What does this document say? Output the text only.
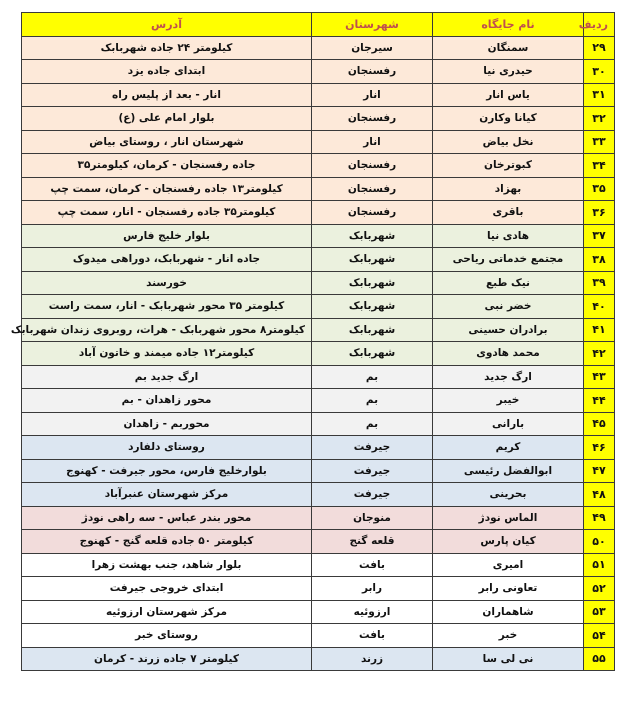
ردیف	نام جایگاه	شهرستان	آدرس
۲۹	سمنگان	سیرجان	کیلومتر ۲۴ جاده شهربابک
۳۰	حیدری نیا	رفسنجان	ابتدای جاده یزد
۳۱	یاس انار	انار	انار - بعد از پلیس راه
۳۲	کیانا وکارن	رفسنجان	بلوار امام علی (ع)
۳۳	نخل بیاض	انار	شهرستان انار ، روستای بیاض
۳۴	کبوترخان	رفسنجان	جاده رفسنجان - کرمان، کیلومتر۳۵
۳۵	بهزاد	رفسنجان	کیلومتر۱۳ جاده رفسنجان - کرمان، سمت چپ
۳۶	باقری	رفسنجان	کیلومتر۳۵ جاده رفسنجان - انار، سمت چپ
۳۷	هادی نیا	شهربابک	بلوار خلیج فارس
۳۸	مجتمع خدماتی ریاحی	شهربابک	جاده انار - شهربابک، دوراهی میدوک
۳۹	نیک طبع	شهربابک	خورسند
۴۰	خضر نبی	شهربابک	کیلومتر ۳۵ محور شهربابک - انار، سمت راست
۴۱	برادران حسینی	شهربابک	کیلومتر۸ محور شهربابک - هرات، روبروی زندان شهربابک
۴۲	محمد هادوی	شهربابک	کیلومتر۱۲ جاده میمند و خاتون آباد
۴۳	ارگ جدید	بم	ارگ جدید بم
۴۴	خیبر	بم	محور زاهدان - بم
۴۵	بارانی	بم	محوربم - زاهدان
۴۶	کریم	جیرفت	روستای دلفارد
۴۷	ابوالفضل رئیسی	جیرفت	بلوارخلیج فارس، محور جیرفت - کهنوج
۴۸	بحرینی	جیرفت	مرکز شهرستان عنبرآباد
۴۹	الماس نودژ	منوجان	محور بندر عباس - سه راهی نودژ
۵۰	کیان پارس	قلعه گنج	کیلومتر ۵۰ جاده قلعه گنج - کهنوج
۵۱	امیری	بافت	بلوار شاهد، جنب بهشت زهرا
۵۲	تعاونی رابر	رابر	ابتدای خروجی جیرفت
۵۳	شاهماران	ارزوئیه	مرکز شهرستان ارزوئیه
۵۴	خبر	بافت	روستای خبر
۵۵	نی لی سا	زرند	کیلومتر ۷ جاده زرند - کرمان
